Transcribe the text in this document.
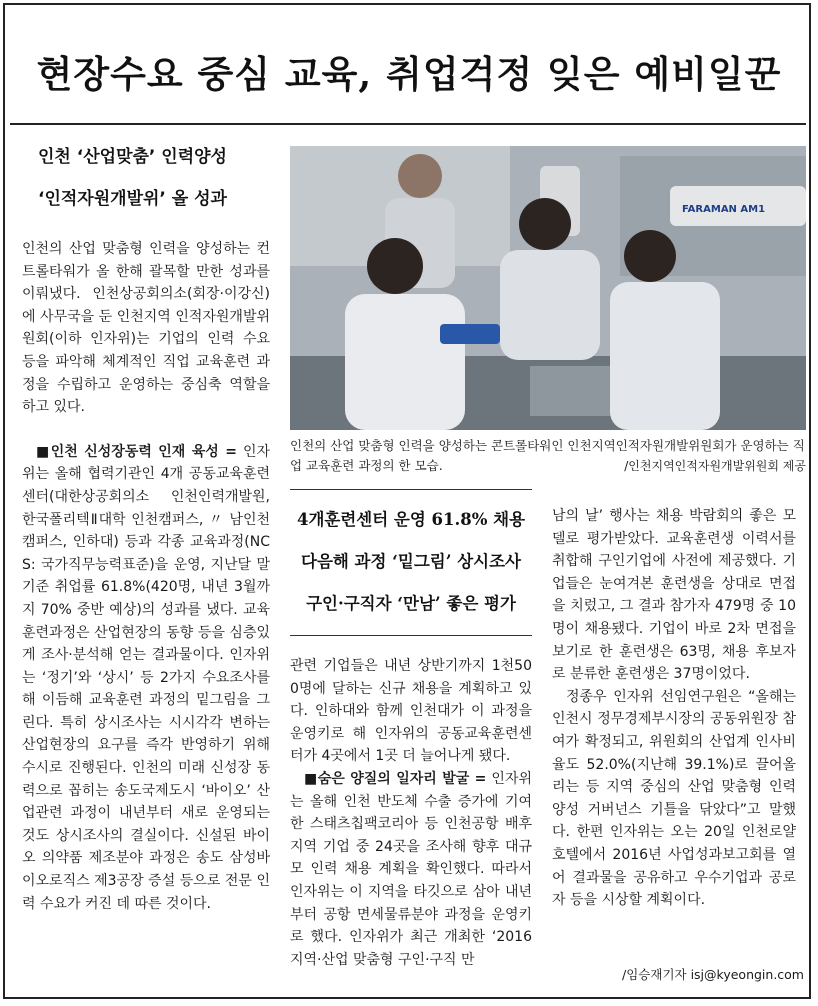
현장수요 중심 교육, 취업걱정 잊은 예비일꾼
인천 ‘산업맞춤’ 인력양성
‘인적자원개발위’ 올 성과

인천의 산업 맞춤형 인력을 양성하는 컨트롤타워가 올 한해 괄목할 만한 성과를 이뤄냈다. 인천상공회의소(회장·이강신)에 사무국을 둔 인천지역 인적자원개발위원회(이하 인자위)는 기업의 인력 수요 등을 파악해 체계적인 직업 교육훈련 과정을 수립하고 운영하는 중심축 역할을 하고 있다.

■인천 신성장동력 인재 육성 = 인자위는 올해 협력기관인 4개 공동교육훈련센터(대한상공회의소 인천인력개발원, 한국폴리텍Ⅱ대학 인천캠퍼스, 〃 남인천캠퍼스, 인하대) 등과 각종 교육과정(NCS: 국가직무능력표준)을 운영, 지난달 말 기준 취업률 61.8%(420명, 내년 3월까지 70% 중반 예상)의 성과를 냈다. 교육훈련과정은 산업현장의 동향 등을 심층있게 조사·분석해 얻는 결과물이다. 인자위는 ‘정기’와 ‘상시’ 등 2가지 수요조사를 해 이듬해 교육훈련 과정의 밑그림을 그린다. 특히 상시조사는 시시각각 변하는 산업현장의 요구를 즉각 반영하기 위해 수시로 진행된다. 인천의 미래 신성장 동력으로 꼽히는 송도국제도시 ‘바이오’ 산업관련 과정이 내년부터 새로 운영되는 것도 상시조사의 결실이다. 신설된 바이오 의약품 제조분야 과정은 송도 삼성바이오로직스 제3공장 증설 등으로 전문 인력 수요가 커진 데 따른 것이다.

FARAMAN AM1
인천의 산업 맞춤형 인력을 양성하는 콘트롤타워인 인천지역인적자원개발위원회가 운영하는 직업 교육훈련 과정의 한 모습.	/인천지역인적자원개발위원회 제공
4개훈련센터 운영 61.8% 채용
다음해 과정 ‘밑그림’ 상시조사
구인·구직자 ‘만남’ 좋은 평가

관련 기업들은 내년 상반기까지 1천500명에 달하는 신규 채용을 계획하고 있다. 인하대와 함께 인천대가 이 과정을 운영키로 해 인자위의 공동교육훈련센터가 4곳에서 1곳 더 늘어나게 됐다.

■숨은 양질의 일자리 발굴 = 인자위는 올해 인천 반도체 수출 증가에 기여한 스태츠칩팩코리아 등 인천공항 배후지역 기업 중 24곳을 조사해 향후 대규모 인력 채용 계획을 확인했다. 따라서 인자위는 이 지역을 타깃으로 삼아 내년부터 공항 면세물류분야 과정을 운영키로 했다. 인자위가 최근 개최한 ‘2016 지역·산업 맞춤형 구인·구직 만

남의 날’ 행사는 채용 박람회의 좋은 모델로 평가받았다. 교육훈련생 이력서를 취합해 구인기업에 사전에 제공했다. 기업들은 눈여겨본 훈련생을 상대로 면접을 치렀고, 그 결과 참가자 479명 중 10명이 채용됐다. 기업이 바로 2차 면접을 보기로 한 훈련생은 63명, 채용 후보자로 분류한 훈련생은 37명이었다.

정종우 인자위 선임연구원은 “올해는 인천시 정무경제부시장의 공동위원장 참여가 확정되고, 위원회의 산업계 인사비율도 52.0%(지난해 39.1%)로 끌어올리는 등 지역 중심의 산업 맞춤형 인력 양성 거버넌스 기틀을 닦았다”고 말했다. 한편 인자위는 오는 20일 인천로얄호텔에서 2016년 사업성과보고회를 열어 결과물을 공유하고 우수기업과 공로자 등을 시상할 계획이다.

/임승재기자 isj@kyeongin.com
